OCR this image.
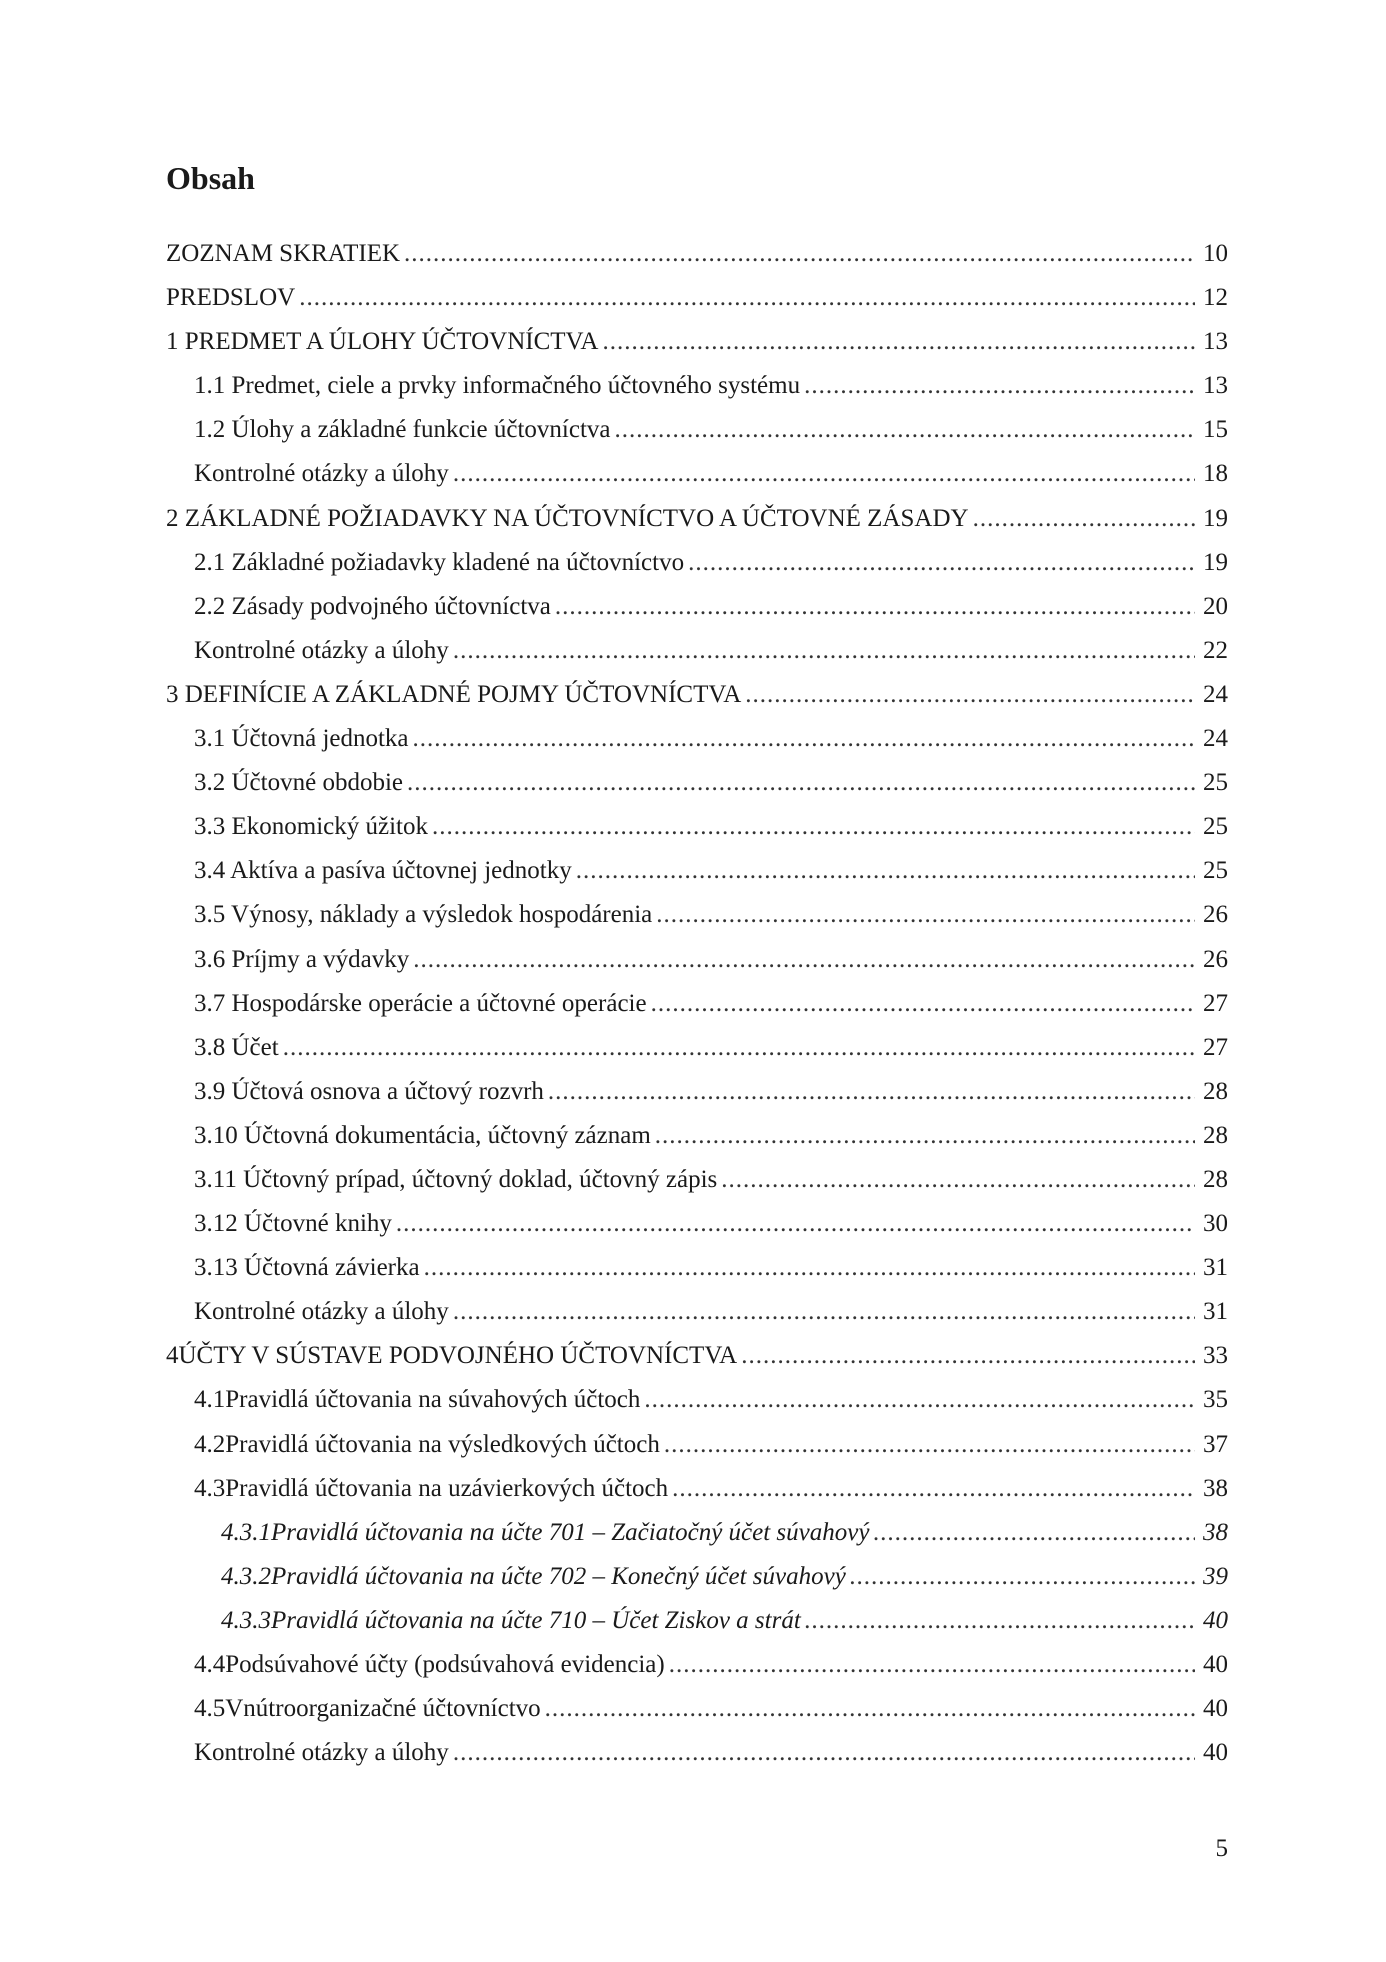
Obsah
ZOZNAM SKRATIEK .....	10
PREDSLOV .....	12
1 PREDMET A ÚLOHY ÚČTOVNÍCTVA .....	13
1.1 Predmet, ciele a prvky informačného účtovného systému .....	13
1.2 Úlohy a základné funkcie účtovníctva .....	15
Kontrolné otázky a úlohy .....	18
2 ZÁKLADNÉ POŽIADAVKY NA ÚČTOVNÍCTVO A ÚČTOVNÉ ZÁSADY .....	19
2.1 Základné požiadavky kladené na účtovníctvo .....	19
2.2 Zásady podvojného účtovníctva .....	20
Kontrolné otázky a úlohy .....	22
3 DEFINÍCIE A ZÁKLADNÉ POJMY ÚČTOVNÍCTVA .....	24
3.1 Účtovná jednotka .....	24
3.2 Účtovné obdobie .....	25
3.3 Ekonomický úžitok .....	25
3.4 Aktíva a pasíva účtovnej jednotky .....	25
3.5 Výnosy, náklady a výsledok hospodárenia .....	26
3.6 Príjmy a výdavky .....	26
3.7 Hospodárske operácie a účtovné operácie .....	27
3.8 Účet .....	27
3.9 Účtová osnova a účtový rozvrh .....	28
3.10 Účtovná dokumentácia, účtovný záznam .....	28
3.11 Účtovný prípad, účtovný doklad, účtovný zápis .....	28
3.12 Účtovné knihy .....	30
3.13 Účtovná závierka .....	31
Kontrolné otázky a úlohy .....	31
4 ÚČTY V SÚSTAVE PODVOJNÉHO ÚČTOVNÍCTVA .....	33
4.1 Pravidlá účtovania na súvahových účtoch .....	35
4.2 Pravidlá účtovania na výsledkových účtoch .....	37
4.3 Pravidlá účtovania na uzávierkových účtoch .....	38
4.3.1 Pravidlá účtovania na účte 701 – Začiatočný účet súvahový .....	38
4.3.2 Pravidlá účtovania na účte 702 – Konečný účet súvahový .....	39
4.3.3 Pravidlá účtovania na účte 710 – Účet Ziskov a strát .....	40
4.4 Podsúvahové účty (podsúvahová evidencia) .....	40
4.5 Vnútroorganizačné účtovníctvo .....	40
Kontrolné otázky a úlohy .....	40
5
